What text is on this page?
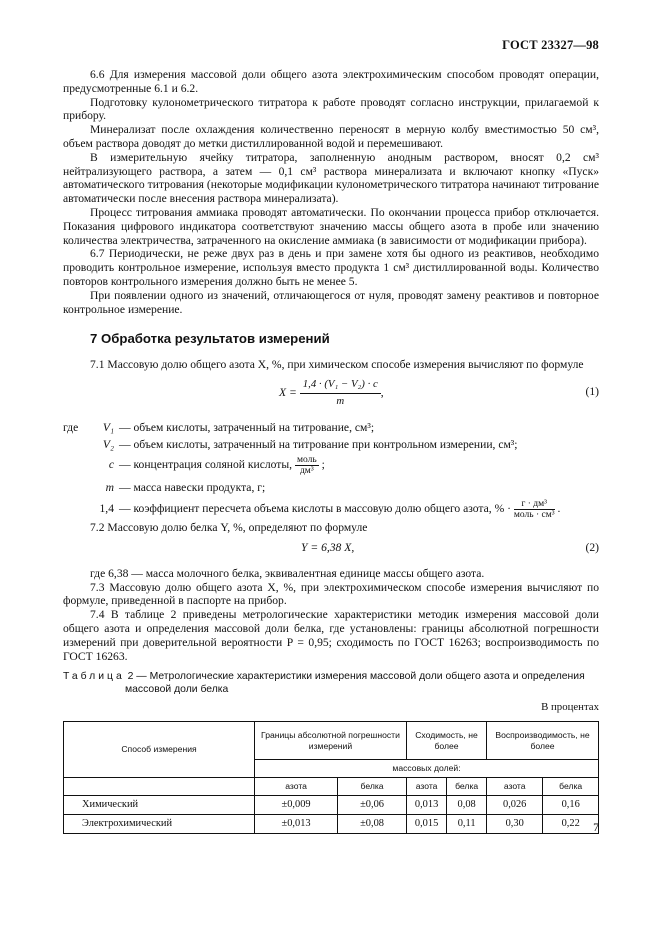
ГОСТ 23327—98

6.6 Для измерения массовой доли общего азота электрохимическим способом проводят операции, предусмотренные 6.1 и 6.2.

Подготовку кулонометрического титратора к работе проводят согласно инструкции, прилагаемой к прибору.

Минерализат после охлаждения количественно переносят в мерную колбу вместимостью 50 см³, объем раствора доводят до метки дистиллированной водой и перемешивают.

В измерительную ячейку титратора, заполненную анодным раствором, вносят 0,2 см³ нейтрализующего раствора, а затем — 0,1 см³ раствора минерализата и включают кнопку «Пуск» автоматического титрования (некоторые модификации кулонометрического титратора начинают титрование автоматически после внесения раствора минерализата).

Процесс титрования аммиака проводят автоматически. По окончании процесса прибор отключается. Показания цифрового индикатора соответствуют значению массы общего азота в пробе или значению количества электричества, затраченного на окисление аммиака (в зависимости от модификации прибора).

6.7 Периодически, не реже двух раз в день и при замене хотя бы одного из реактивов, необходимо проводить контрольное измерение, используя вместо продукта 1 см³ дистиллированной воды. Количество повторов контрольного измерения должно быть не менее 5.

При появлении одного из значений, отличающегося от нуля, проводят замену реактивов и повторное контрольное измерение.

7 Обработка результатов измерений

7.1 Массовую долю общего азота X, %, при химическом способе измерения вычисляют по формуле

$X = \frac{\text{1,4 · (V₁ − V₂) · c}}{m}$ ,	(1)
где	V₁ — объем кислоты, затраченный на титрование, см³;
V₂ — объем кислоты, затраченный на титрование при контрольном измерении, см³;
c — концентрация соляной кислоты, $\frac{\text{моль}}{\text{дм³}}$ ;
m — масса навески продукта, г;
1,4 — коэффициент пересчета объема кислоты в массовую долю общего азота, % · $\frac{\text{г · дм³}}{\text{моль · см³}}$ .

7.2 Массовую долю белка Y, %, определяют по формуле

Y = 6,38 X,	(2)

где 6,38 — масса молочного белка, эквивалентная единице массы общего азота.

7.3 Массовую долю общего азота X, %, при электрохимическом способе измерения вычисляют по формуле, приведенной в паспорте на прибор.

7.4 В таблице 2 приведены метрологические характеристики методик измерения массовой доли общего азота и определения массовой доли белка, где установлены: границы абсолютной погрешности измерений при доверительной вероятности P = 0,95; сходимость по ГОСТ 16263; воспроизводимость по ГОСТ 16263.

Таблица 2 — Метрологические характеристики измерения массовой доли общего азота и определения массовой доли белка
В процентах
Способ измерения	Границы абсолютной погрешности измерений		Сходимость, не более		Воспроизводимость, не более	
	массовых долей:					
	азота	белка	азота	белка	азота	белка
Химический	±0,009	±0,06	0,013	0,08	0,026	0,16
Электрохимический	±0,013	±0,08	0,015	0,11	0,30	0,22 7
